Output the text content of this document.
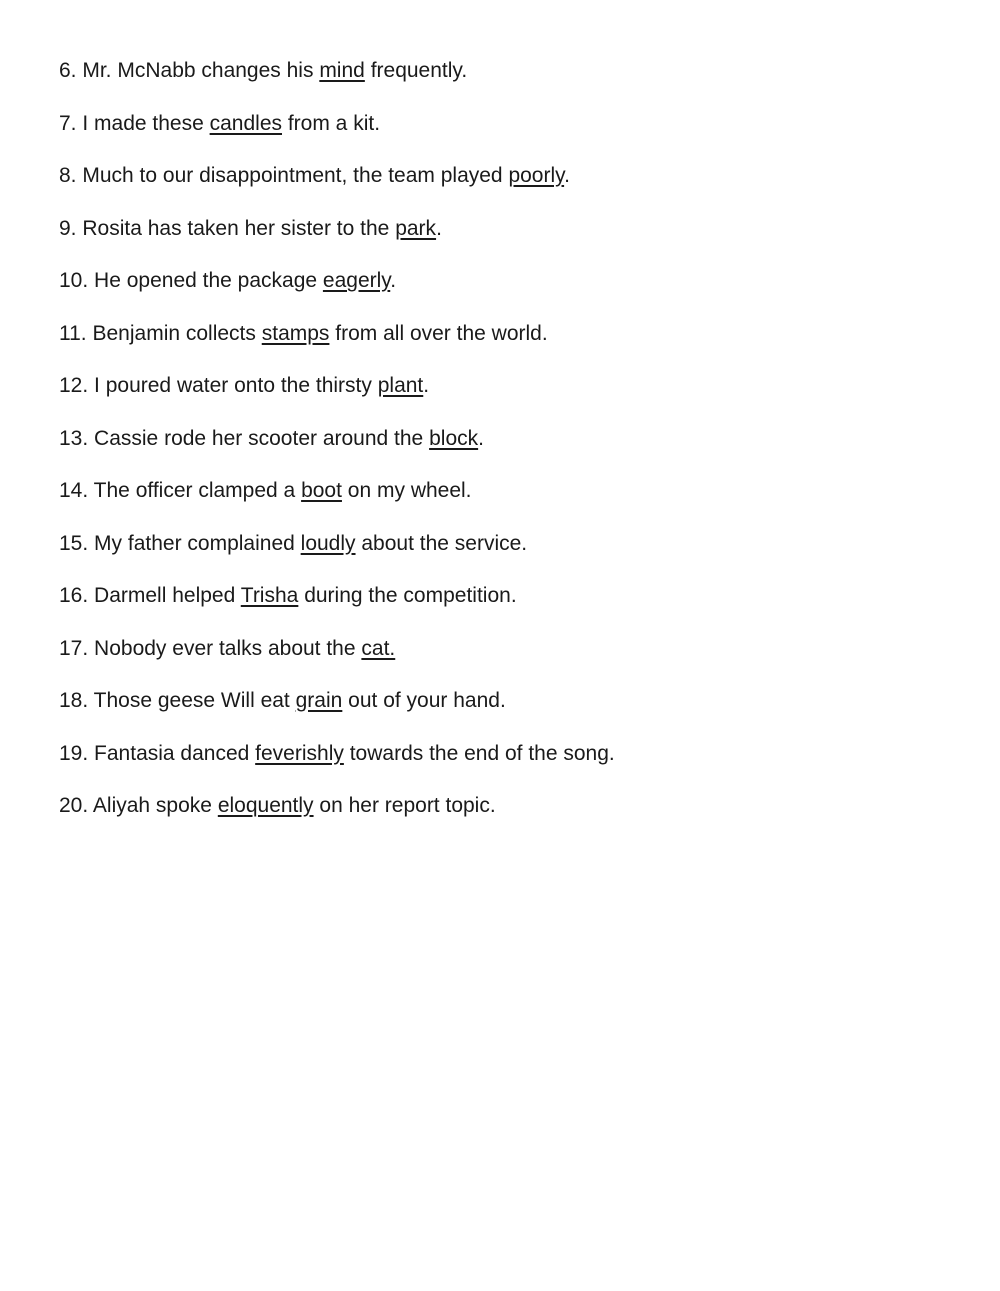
6. Mr. McNabb changes his mind frequently.
7. I made these candles from a kit.
8. Much to our disappointment, the team played poorly.
9. Rosita has taken her sister to the park.
10. He opened the package eagerly.
11. Benjamin collects stamps from all over the world.
12. I poured water onto the thirsty plant.
13. Cassie rode her scooter around the block.
14. The officer clamped a boot on my wheel.
15. My father complained loudly about the service.
16. Darmell helped Trisha during the competition.
17. Nobody ever talks about the cat.
18. Those geese Will eat grain out of your hand.
19. Fantasia danced feverishly towards the end of the song.
20. Aliyah spoke eloquently on her report topic.
